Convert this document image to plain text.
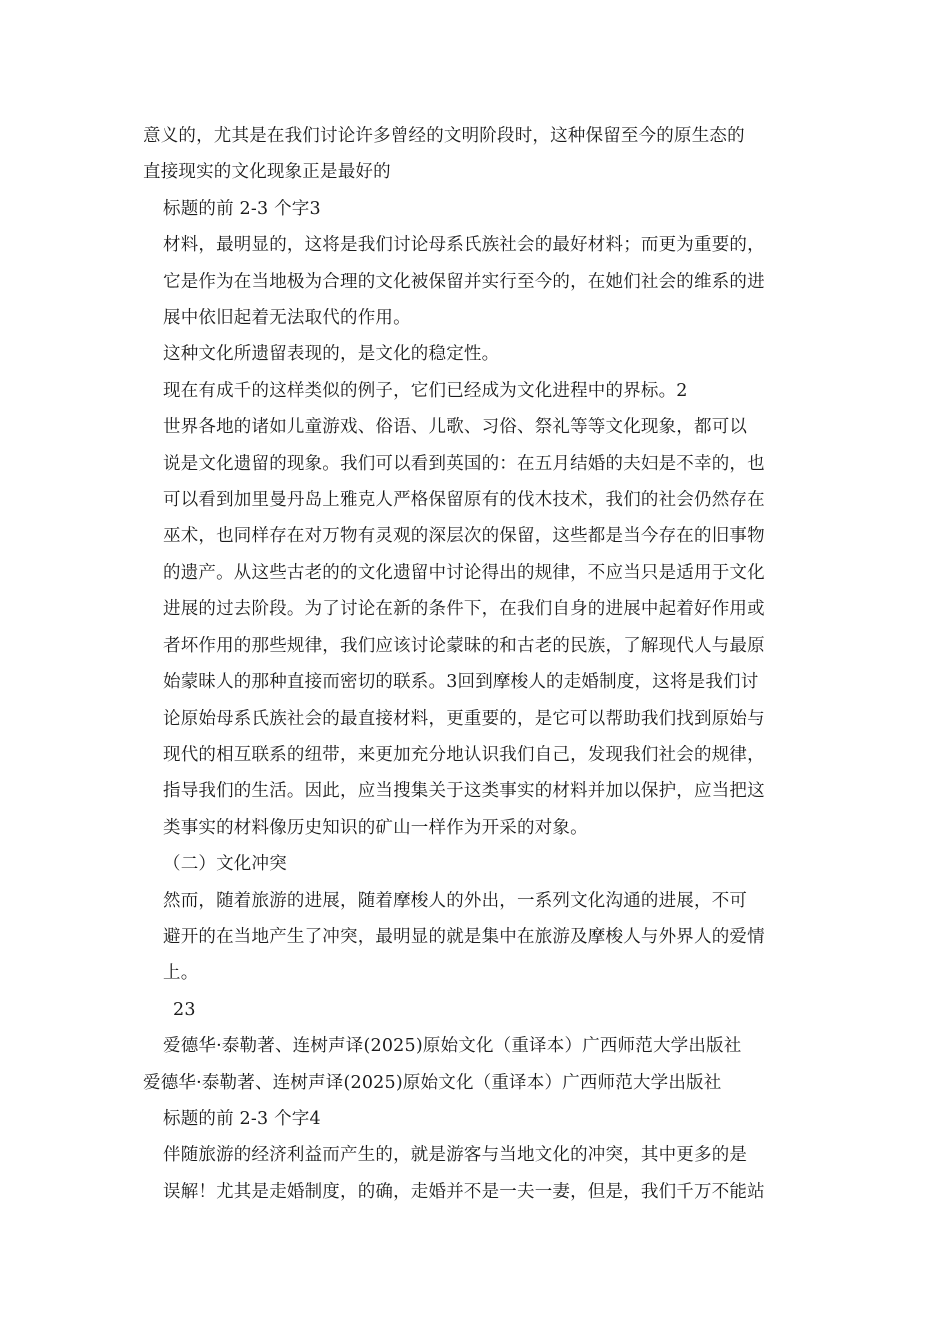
意义的，尤其是在我们讨论许多曾经的文明阶段时，这种保留至今的原生态的
直接现实的文化现象正是最好的
标题的前 2-3 个字3
材料，最明显的，这将是我们讨论母系氏族社会的最好材料；而更为重要的，
它是作为在当地极为合理的文化被保留并实行至今的，在她们社会的维系的进
展中依旧起着无法取代的作用。
这种文化所遗留表现的，是文化的稳定性。
现在有成千的这样类似的例子，它们已经成为文化进程中的界标。2
世界各地的诸如儿童游戏、俗语、儿歌、习俗、祭礼等等文化现象，都可以
说是文化遗留的现象。我们可以看到英国的：在五月结婚的夫妇是不幸的，也
可以看到加里曼丹岛上雅克人严格保留原有的伐木技术，我们的社会仍然存在
巫术，也同样存在对万物有灵观的深层次的保留，这些都是当今存在的旧事物
的遗产。从这些古老的的文化遗留中讨论得出的规律，不应当只是适用于文化
进展的过去阶段。为了讨论在新的条件下，在我们自身的进展中起着好作用或
者坏作用的那些规律，我们应该讨论蒙昧的和古老的民族，了解现代人与最原
始蒙昧人的那种直接而密切的联系。3回到摩梭人的走婚制度，这将是我们讨
论原始母系氏族社会的最直接材料，更重要的，是它可以帮助我们找到原始与
现代的相互联系的纽带，来更加充分地认识我们自己，发现我们社会的规律，
指导我们的生活。因此，应当搜集关于这类事实的材料并加以保护，应当把这
类事实的材料像历史知识的矿山一样作为开采的对象。
（二）文化冲突
然而，随着旅游的进展，随着摩梭人的外出，一系列文化沟通的进展，不可
避开的在当地产生了冲突，最明显的就是集中在旅游及摩梭人与外界人的爱情
上。
23
爱德华·泰勒著、连树声译(2025)原始文化（重译本）广西师范大学出版社
爱德华·泰勒著、连树声译(2025)原始文化（重译本）广西师范大学出版社
标题的前 2-3 个字4
伴随旅游的经济利益而产生的，就是游客与当地文化的冲突，其中更多的是
误解！尤其是走婚制度，的确，走婚并不是一夫一妻，但是，我们千万不能站
